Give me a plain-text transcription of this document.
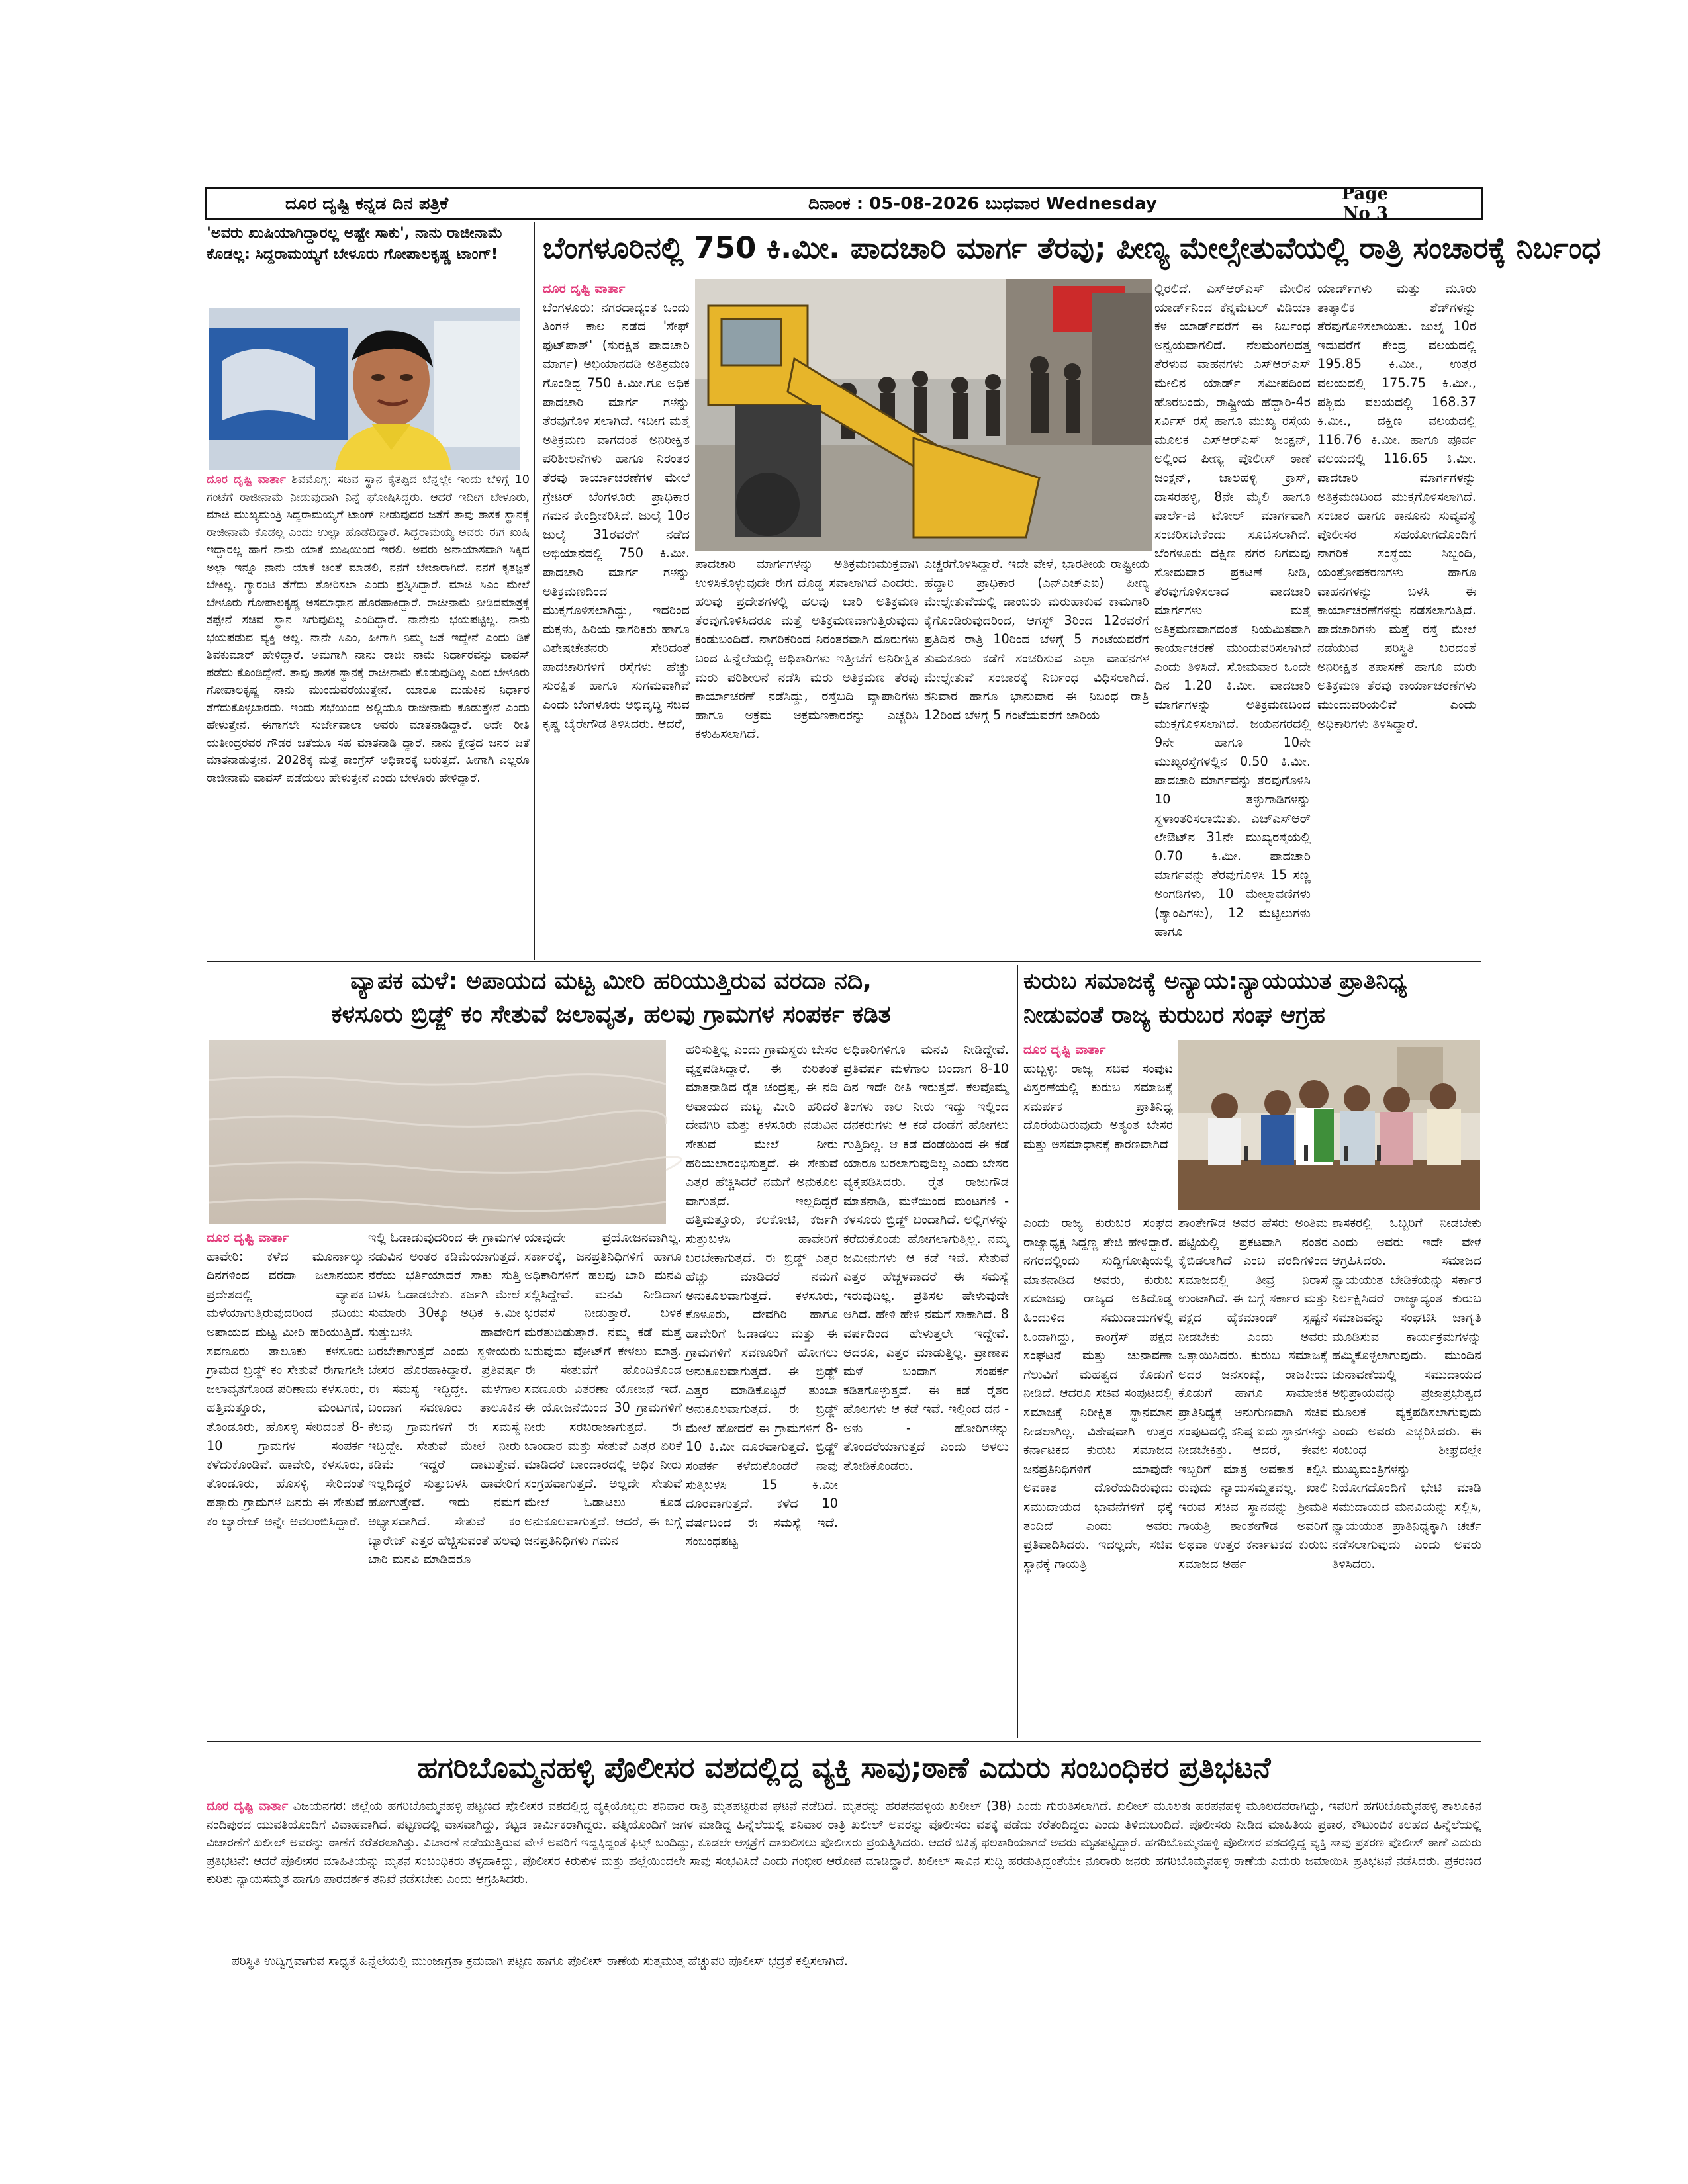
ದೂರ ದೃಷ್ಟಿ ಕನ್ನಡ ದಿನ ಪತ್ರಿಕೆ	ದಿನಾಂಕ : 05-08-2026 ಬುಧವಾರ Wednesday	Page No 3
'ಅವರು ಖುಷಿಯಾಗಿದ್ದಾರಲ್ಲ ಅಷ್ಟೇ ಸಾಕು', ನಾನು ರಾಜೀನಾಮೆ
ಕೊಡಲ್ಲ: ಸಿದ್ದರಾಮಯ್ಯಗೆ ಬೇಳೂರು ಗೋಪಾಲಕೃಷ್ಣ ಟಾಂಗ್!
ದೂರ ದೃಷ್ಟಿ ವಾರ್ತಾ ಶಿವಮೊಗ್ಗ: ಸಚಿವ ಸ್ಥಾನ ಕೈತಪ್ಪಿದ ಬೆನ್ನಲ್ಲೇ ಇಂದು ಬೆಳಿಗ್ಗೆ 10 ಗಂಟೆಗೆ ರಾಜೀನಾಮೆ ನೀಡುವುದಾಗಿ ನಿನ್ನೆ ಘೋಷಿಸಿದ್ದರು. ಆದರೆ ಇದೀಗ ಬೇಳೂರು, ಮಾಜಿ ಮುಖ್ಯಮಂತ್ರಿ ಸಿದ್ದರಾಮಯ್ಯಗೆ ಟಾಂಗ್ ನೀಡುವುದರ ಜತೆಗೆ ತಾವು ಶಾಸಕ ಸ್ಥಾನಕ್ಕೆ ರಾಜೀನಾಮೆ ಕೊಡಲ್ಲ ಎಂದು ಉಲ್ಟಾ ಹೊಡೆದಿದ್ದಾರೆ. ಸಿದ್ದರಾಮಯ್ಯ ಅವರು ಈಗ ಖುಷಿ ಇದ್ದಾರಲ್ಲ ಹಾಗೆ ನಾನು ಯಾಕೆ ಖುಷಿಯಿಂದ ಇರಲಿ. ಅವರು ಅನಾಯಾಸವಾಗಿ ಸಿಕ್ಕಿದ ಅಲ್ಲಾ ಇನ್ನೂ ನಾನು ಯಾಕೆ ಚಿಂತೆ ಮಾಡಲಿ, ನನಗೆ ಬೇಜಾರಾಗಿದೆ. ನನಗೆ ಕೃತಜ್ಞತೆ ಬೇಕಿಲ್ಲ. ಗ್ಯಾರಂಟಿ ತೆಗೆದು ತೋರಿಸಲಾ ಎಂದು ಪ್ರಶ್ನಿಸಿದ್ದಾರೆ. ಮಾಜಿ ಸಿಎಂ ಮೇಲೆ ಬೇಳೂರು ಗೋಪಾಲಕೃಷ್ಣ ಅಸಮಾಧಾನ ಹೊರಹಾಕಿದ್ದಾರೆ. ರಾಜೀನಾಮೆ ನೀಡಿದಮಾತ್ರಕ್ಕೆ ತಪ್ಪೇನೆ ಸಚಿವ ಸ್ಥಾನ ಸಿಗುವುದಿಲ್ಲ ಎಂದಿದ್ದಾರೆ. ನಾನೇನು ಭಯಪಟ್ಟಿಲ್ಲ. ನಾನು ಭಯಪಡುವ ವ್ಯಕ್ತಿ ಅಲ್ಲ. ನಾನೇ ಸಿಎಂ, ಹೀಗಾಗಿ ನಿಮ್ಮ ಜತೆ ಇದ್ದೇನೆ ಎಂದು ಡಿಕೆ ಶಿವಕುಮಾರ್ ಹೇಳಿದ್ದಾರೆ. ಅಮಗಾಗಿ ನಾನು ರಾಜೀ ನಾಮೆ ನಿರ್ಧಾರವನ್ನು ವಾಪಸ್ ಪಡೆದು ಕೊಂಡಿದ್ದೇನೆ. ತಾವು ಶಾಸಕ ಸ್ಥಾನಕ್ಕೆ ರಾಜೀನಾಮೆ ಕೊಡುವುದಿಲ್ಲ ಎಂದ ಬೇಳೂರು ಗೋಪಾಲಕೃಷ್ಣ ನಾನು ಮುಂದುವರೆಯುತ್ತೇನೆ. ಯಾರೂ ದುಡುಕಿನ ನಿರ್ಧಾರ ತೆಗೆದುಕೊಳ್ಳಬಾರದು. ಇಂದು ಸಭೆಯಿಂದ ಅಲ್ಲಿಯೂ ರಾಜೀನಾಮೆ ಕೊಡುತ್ತೇನೆ ಎಂದು ಹೇಳುತ್ತೇನೆ. ಈಗಾಗಲೇ ಸುರ್ಜೇವಾಲಾ ಅವರು ಮಾತನಾಡಿದ್ದಾರೆ. ಅದೇ ರೀತಿ ಯತೀಂದ್ರರವರ ಗೌಡರ ಜತೆಯೂ ಸಹ ಮಾತನಾಡಿ ದ್ದಾರೆ. ನಾನು ಕ್ಷೇತ್ರದ ಜನರ ಜತೆ ಮಾತನಾಡುತ್ತೇನೆ. 2028ಕ್ಕೆ ಮತ್ತೆ ಕಾಂಗ್ರೆಸ್ ಅಧಿಕಾರಕ್ಕೆ ಬರುತ್ತದೆ. ಹೀಗಾಗಿ ಎಲ್ಲರೂ ರಾಜೀನಾಮೆ ವಾಪಸ್ ಪಡೆಯಲು ಹೇಳುತ್ತೇನೆ ಎಂದು ಬೇಳೂರು ಹೇಳಿದ್ದಾರೆ.
ಬೆಂಗಳೂರಿನಲ್ಲಿ 750 ಕಿ.ಮೀ. ಪಾದಚಾರಿ ಮಾರ್ಗ ತೆರವು; ಪೀಣ್ಯ ಮೇಲ್ಸೇತುವೆಯಲ್ಲಿ ರಾತ್ರಿ ಸಂಚಾರಕ್ಕೆ ನಿರ್ಬಂಧ
ದೂರ ದೃಷ್ಟಿ ವಾರ್ತಾ
ಬೆಂಗಳೂರು: ನಗರದಾದ್ಯಂತ ಒಂದು ತಿಂಗಳ ಕಾಲ ನಡೆದ 'ಸೇಫ್ ಫುಟ್‌ಪಾತ್' (ಸುರಕ್ಷಿತ ಪಾದಚಾರಿ ಮಾರ್ಗ) ಅಭಿಯಾನದಡಿ ಅತಿಕ್ರಮಣ ಗೊಂಡಿದ್ದ 750 ಕಿ.ಮೀ.ಗೂ ಅಧಿಕ ಪಾದಚಾರಿ ಮಾರ್ಗ ಗಳನ್ನು ತೆರವುಗೊಳಿ ಸಲಾಗಿದೆ. ಇದೀಗ ಮತ್ತೆ ಅತಿಕ್ರಮಣ ವಾಗದಂತೆ ಅನಿರೀಕ್ಷಿತ ಪರಿಶೀಲನೆಗಳು ಹಾಗೂ ನಿರಂತರ ತೆರವು ಕಾರ್ಯಾಚರಣೆಗಳ ಮೇಲೆ ಗ್ರೇಟರ್ ಬೆಂಗಳೂರು ಪ್ರಾಧಿಕಾರ ಗಮನ ಕೇಂದ್ರೀಕರಿಸಿದೆ. ಜುಲೈ 10ರ ಜುಲೈ 31ರವರೆಗೆ ನಡೆದ ಅಭಿಯಾನದಲ್ಲಿ 750 ಕಿ.ಮೀ. ಪಾದಚಾರಿ ಮಾರ್ಗ ಗಳನ್ನು ಅತಿಕ್ರಮಣದಿಂದ ಮುಕ್ತಗೊಳಿಸಲಾಗಿದ್ದು, ಇದರಿಂದ ಮಕ್ಕಳು, ಹಿರಿಯ ನಾಗರಿಕರು ಹಾಗೂ ವಿಶೇಷಚೇತನರು ಸೇರಿದಂತೆ ಪಾದಚಾರಿಗಳಿಗೆ ರಸ್ತೆಗಳು ಹೆಚ್ಚು ಸುರಕ್ಷಿತ ಹಾಗೂ ಸುಗಮವಾಗಿವೆ ಎಂದು ಬೆಂಗಳೂರು ಅಭಿವೃದ್ಧಿ ಸಚಿವ ಕೃಷ್ಣ ಬೈರೇಗೌಡ ತಿಳಿಸಿದರು. ಆದರೆ,
ಪಾದಚಾರಿ ಮಾರ್ಗಗಳನ್ನು ಅತಿಕ್ರಮಣಮುಕ್ತವಾಗಿ ಉಳಿಸಿಕೊಳ್ಳುವುದೇ ಈಗ ದೊಡ್ಡ ಸವಾಲಾಗಿದೆ ಎಂದರು. ಹಲವು ಪ್ರದೇಶಗಳಲ್ಲಿ ಹಲವು ಬಾರಿ ಅತಿಕ್ರಮಣ ತೆರವುಗೊಳಿಸಿದರೂ ಮತ್ತೆ ಅತಿಕ್ರಮಣವಾಗುತ್ತಿರುವುದು ಕಂಡುಬಂದಿದೆ. ನಾಗರಿಕರಿಂದ ನಿರಂತರವಾಗಿ ದೂರುಗಳು ಬಂದ ಹಿನ್ನೆಲೆಯಲ್ಲಿ ಅಧಿಕಾರಿಗಳು ಇತ್ತೀಚೆಗೆ ಅನಿರೀಕ್ಷಿತ ಮರು ಪರಿಶೀಲನೆ ನಡೆಸಿ ಮರು ಅತಿಕ್ರಮಣ ತೆರವು ಕಾರ್ಯಾಚರಣೆ ನಡೆಸಿದ್ದು, ರಸ್ತೆಬದಿ ವ್ಯಾಪಾರಿಗಳು ಹಾಗೂ ಅಕ್ರಮ ಅಕ್ರಮಣಕಾರರನ್ನು ಎಚ್ಚರಿಸಿ ಕಳುಹಿಸಲಾಗಿದೆ.
ಎಚ್ಚರಗೊಳಿಸಿದ್ದಾರೆ. ಇದೇ ವೇಳೆ, ಭಾರತೀಯ ರಾಷ್ಟ್ರೀಯ ಹೆದ್ದಾರಿ ಪ್ರಾಧಿಕಾರ (ಎನ್‌ಎಚ್‌ಎಐ) ಪೀಣ್ಯ ಮೇಲ್ಸೇತುವೆಯಲ್ಲಿ ಡಾಂಬರು ಮರುಹಾಕುವ ಕಾಮಗಾರಿ ಕೈಗೊಂಡಿರುವುದರಿಂದ, ಆಗಸ್ಟ್ 3ರಿಂದ 12ರವರೆಗೆ ಪ್ರತಿದಿನ ರಾತ್ರಿ 10ರಿಂದ ಬೆಳಗ್ಗೆ 5 ಗಂಟೆಯವರೆಗೆ ತುಮಕೂರು ಕಡೆಗೆ ಸಂಚರಿಸುವ ಎಲ್ಲಾ ವಾಹನಗಳ ಮೇಲ್ಸೇತುವೆ ಸಂಚಾರಕ್ಕೆ ನಿರ್ಬಂಧ ವಿಧಿಸಲಾಗಿದೆ. ಶನಿವಾರ ಹಾಗೂ ಭಾನುವಾರ ಈ ನಿಬಂಧ ರಾತ್ರಿ 12ರಿಂದ ಬೆಳಗ್ಗೆ 5 ಗಂಟೆಯವರೆಗೆ ಜಾರಿಯ
ಲ್ಲಿರಲಿದೆ. ಎಸ್‌ಆರ್‌ಎಸ್ ಮೇಲಿನ ಯಾರ್ಡ್‌ನಿಂದ ಕೆನ್ನಮೆಟಲ್ ವಿಡಿಯಾ ಕಳ ಯಾರ್ಡ್‌ವರೆಗೆ ಈ ನಿರ್ಬಂಧ ಅನ್ವಯವಾಗಲಿದೆ. ನೆಲಮಂಗಲದತ್ತ ತೆರಳುವ ವಾಹನಗಳು ಎಸ್‌ಆರ್‌ಎಸ್ ಮೇಲಿನ ಯಾರ್ಡ್ ಸಮೀಪದಿಂದ ಹೊರಬಂದು, ರಾಷ್ಟ್ರೀಯ ಹೆದ್ದಾರಿ-4ರ ಸರ್ವಿಸ್ ರಸ್ತೆ ಹಾಗೂ ಮುಖ್ಯ ರಸ್ತೆಯ ಮೂಲಕ ಎಸ್‌ಆರ್‌ಎಸ್ ಜಂಕ್ಷನ್, ಅಲ್ಲಿಂದ ಪೀಣ್ಯ ಪೊಲೀಸ್ ಠಾಣೆ ಜಂಕ್ಷನ್, ಜಾಲಹಳ್ಳಿ ಕ್ರಾಸ್, ದಾಸರಹಳ್ಳಿ, 8ನೇ ಮೈಲಿ ಹಾಗೂ ಪಾರ್ಲೆ-ಜಿ ಟೋಲ್ ಮಾರ್ಗವಾಗಿ ಸಂಚರಿಸಬೇಕೆಂದು ಸೂಚಿಸಲಾಗಿದೆ. ಬೆಂಗಳೂರು ದಕ್ಷಿಣ ನಗರ ನಿಗಮವು ಸೋಮವಾರ ಪ್ರಕಟಣೆ ನೀಡಿ, ತೆರವುಗೊಳಿಸಲಾದ ಪಾದಚಾರಿ ಮಾರ್ಗಗಳು ಮತ್ತೆ ಅತಿಕ್ರಮಣವಾಗದಂತೆ ನಿಯಮಿತವಾಗಿ ಕಾರ್ಯಾಚರಣೆ ಮುಂದುವರಿಸಲಾಗಿದೆ ಎಂದು ತಿಳಿಸಿದೆ. ಸೋಮವಾರ ಒಂದೇ ದಿನ 1.20 ಕಿ.ಮೀ. ಪಾದಚಾರಿ ಮಾರ್ಗಗಳನ್ನು ಅತಿಕ್ರಮಣದಿಂದ ಮುಕ್ತಗೊಳಿಸಲಾಗಿದೆ. ಜಯನಗರದಲ್ಲಿ 9ನೇ ಹಾಗೂ 10ನೇ ಮುಖ್ಯರಸ್ತೆಗಳಲ್ಲಿನ 0.50 ಕಿ.ಮೀ. ಪಾದಚಾರಿ ಮಾರ್ಗವನ್ನು ತೆರವುಗೊಳಿಸಿ 10 ತಳ್ಳುಗಾಡಿಗಳನ್ನು ಸ್ಥಳಾಂತರಿಸಲಾಯಿತು. ಎಚ್‌ಎಸ್‌ಆರ್ ಲೇಔಟ್‌ನ 31ನೇ ಮುಖ್ಯರಸ್ತೆಯಲ್ಲಿ 0.70 ಕಿ.ಮೀ. ಪಾದಚಾರಿ ಮಾರ್ಗವನ್ನು ತೆರವುಗೊಳಿಸಿ 15 ಸಣ್ಣ ಅಂಗಡಿಗಳು, 10 ಮೇಲ್ಛಾವಣಿಗಳು (ಶ್ಯಾಂಪಿಗಳು), 12 ಮೆಟ್ಟಿಲುಗಳು ಹಾಗೂ
ಯಾರ್ಡ್‌ಗಳು ಮತ್ತು ಮೂರು ತಾತ್ಕಾಲಿಕ ಶೆಡ್‌ಗಳನ್ನು ತೆರವುಗೊಳಿಸಲಾಯಿತು. ಜುಲೈ 10ರ ಇದುವರೆಗೆ ಕೇಂದ್ರ ವಲಯದಲ್ಲಿ 195.85 ಕಿ.ಮೀ., ಉತ್ತರ ವಲಯದಲ್ಲಿ 175.75 ಕಿ.ಮೀ., ಪಶ್ಚಿಮ ವಲಯದಲ್ಲಿ 168.37 ಕಿ.ಮೀ., ದಕ್ಷಿಣ ವಲಯದಲ್ಲಿ 116.76 ಕಿ.ಮೀ. ಹಾಗೂ ಪೂರ್ವ ವಲಯದಲ್ಲಿ 116.65 ಕಿ.ಮೀ. ಪಾದಚಾರಿ ಮಾರ್ಗಗಳನ್ನು ಅತಿಕ್ರಮಣದಿಂದ ಮುಕ್ತಗೊಳಿಸಲಾಗಿದೆ. ಸಂಚಾರ ಹಾಗೂ ಕಾನೂನು ಸುವ್ಯವಸ್ಥೆ ಪೊಲೀಸರ ಸಹಯೋಗದೊಂದಿಗೆ ನಾಗರಿಕ ಸಂಸ್ಥೆಯ ಸಿಬ್ಬಂದಿ, ಯಂತ್ರೋಪಕರಣಗಳು ಹಾಗೂ ವಾಹನಗಳನ್ನು ಬಳಸಿ ಈ ಕಾರ್ಯಾಚರಣೆಗಳನ್ನು ನಡೆಸಲಾಗುತ್ತಿದೆ. ಪಾದಚಾರಿಗಳು ಮತ್ತೆ ರಸ್ತೆ ಮೇಲೆ ನಡೆಯುವ ಪರಿಸ್ಥಿತಿ ಬರದಂತೆ ಅನಿರೀಕ್ಷಿತ ತಪಾಸಣೆ ಹಾಗೂ ಮರು ಅತಿಕ್ರಮಣ ತೆರವು ಕಾರ್ಯಾಚರಣೆಗಳು ಮುಂದುವರಿಯಲಿವೆ ಎಂದು ಅಧಿಕಾರಿಗಳು ತಿಳಿಸಿದ್ದಾರೆ.
ವ್ಯಾಪಕ ಮಳೆ: ಅಪಾಯದ ಮಟ್ಟ ಮೀರಿ ಹರಿಯುತ್ತಿರುವ ವರದಾ ನದಿ,
ಕಳಸೂರು ಬ್ರಿಡ್ಜ್ ಕಂ ಸೇತುವೆ ಜಲಾವೃತ, ಹಲವು ಗ್ರಾಮಗಳ ಸಂಪರ್ಕ ಕಡಿತ
ದೂರ ದೃಷ್ಟಿ ವಾರ್ತಾ
ಹಾವೇರಿ: ಕಳೆದ ಮೂರ್ನಾಲ್ಕು ದಿನಗಳಿಂದ ವರದಾ ಜಲಾನಯನ ಪ್ರದೇಶದಲ್ಲಿ ವ್ಯಾಪಕ ಮಳೆಯಾಗುತ್ತಿರುವುದರಿಂದ ನದಿಯು ಅಪಾಯದ ಮಟ್ಟ ಮೀರಿ ಹರಿಯುತ್ತಿದೆ. ಸವಣೂರು ತಾಲೂಕು ಕಳಸೂರು ಗ್ರಾಮದ ಬ್ರಿಡ್ಜ್ ಕಂ ಸೇತುವೆ ಈಗಾಗಲೇ ಜಲಾವೃತಗೊಂಡ ಪರಿಣಾಮ ಕಳಸೂರು, ಹತ್ತಿಮತ್ತೂರು, ಮಂಟಗಣಿ, ತೊಂಡೂರು, ಹೊಸಳ್ಳಿ ಸೇರಿದಂತೆ 8-10 ಗ್ರಾಮಗಳ ಸಂಪರ್ಕ ಕಳೆದುಕೊಂಡಿವೆ. ಹಾವೇರಿ, ಕಳಸೂರು, ತೊಂಡೂರು, ಹೊಸಳ್ಳಿ ಸೇರಿದಂತೆ ಹತ್ತಾರು ಗ್ರಾಮಗಳ ಜನರು ಈ ಸೇತುವೆ ಕಂ ಬ್ಯಾರೇಜ್ ಅನ್ನೇ ಅವಲಂಬಿಸಿದ್ದಾರೆ.
ಇಲ್ಲಿ ಓಡಾಡುವುದರಿಂದ ಈ ಗ್ರಾಮಗಳ ನಡುವಿನ ಅಂತರ ಕಡಿಮೆಯಾಗುತ್ತದೆ. ನೆರೆಯ ಭರ್ತಿಯಾದರೆ ಸಾಕು ಸುತ್ತಿ ಬಳಸಿ ಓಡಾಡಬೇಕು. ಕರ್ಜಗಿ ಮೇಲೆ ಸುಮಾರು 30ಕ್ಕೂ ಅಧಿಕ ಕಿ.ಮೀ ಸುತ್ತುಬಳಸಿ ಹಾವೇರಿಗೆ ಬರಬೇಕಾಗುತ್ತದೆ ಎಂದು ಸ್ಥಳೀಯರು ಬೇಸರ ಹೊರಹಾಕಿದ್ದಾರೆ. ಪ್ರತಿವರ್ಷ ಈ ಸಮಸ್ಯೆ ಇದ್ದಿದ್ದೇ. ಮಳೆಗಾಲ ಬಂದಾಗ ಸವಣೂರು ತಾಲೂಕಿನ ಕೆಲವು ಗ್ರಾಮಗಳಿಗೆ ಈ ಸಮಸ್ಯೆ ಇದ್ದಿದ್ದೇ. ಸೇತುವೆ ಮೇಲೆ ನೀರು ಕಡಿಮೆ ಇದ್ದರೆ ದಾಟುತ್ತೇವೆ. ಇಲ್ಲದಿದ್ದರೆ ಸುತ್ತುಬಳಸಿ ಹಾವೇರಿಗೆ ಹೋಗುತ್ತೇವೆ. ಇದು ನಮಗೆ ಅಭ್ಯಾಸವಾಗಿದೆ. ಸೇತುವೆ ಕಂ ಬ್ಯಾರೇಜ್ ಎತ್ತರ ಹೆಚ್ಚಿಸುವಂತೆ ಹಲವು ಬಾರಿ ಮನವಿ ಮಾಡಿದರೂ
ಯಾವುದೇ ಪ್ರಯೋಜನವಾಗಿಲ್ಲ. ಸರ್ಕಾರಕ್ಕೆ, ಜನಪ್ರತಿನಿಧಿಗಳಿಗೆ ಹಾಗೂ ಅಧಿಕಾರಿಗಳಿಗೆ ಹಲವು ಬಾರಿ ಮನವಿ ಸಲ್ಲಿಸಿದ್ದೇವೆ. ಮನವಿ ನೀಡಿದಾಗ ಭರವಸೆ ನೀಡುತ್ತಾರೆ. ಬಳಿಕ ಮರೆತುಬಿಡುತ್ತಾರೆ. ನಮ್ಮ ಕಡೆ ಮತ್ತೆ ಬರುವುದು ವೋಟ್‌ಗೆ ಕೇಳಲು ಮಾತ್ರ. ಈ ಸೇತುವೆಗೆ ಹೊಂದಿಕೊಂಡ ಸವಣೂರು ವಿತರಣಾ ಯೋಜನೆ ಇದೆ. ಈ ಯೋಜನೆಯಿಂದ 30 ಗ್ರಾಮಗಳಿಗೆ ನೀರು ಸರಬರಾಜಾಗುತ್ತದೆ. ಈ ಬಾಂದಾರ ಮತ್ತು ಸೇತುವೆ ಎತ್ತರ ಏರಿಕೆ ಮಾಡಿದರೆ ಬಾಂದಾರದಲ್ಲಿ ಅಧಿಕ ನೀರು ಸಂಗ್ರಹವಾಗುತ್ತದೆ. ಅಲ್ಲದೇ ಸೇತುವೆ ಮೇಲೆ ಓಡಾಟಲು ಕೂಡ ಅನುಕೂಲವಾಗುತ್ತದೆ. ಆದರೆ, ಈ ಬಗ್ಗೆ ಜನಪ್ರತಿನಿಧಿಗಳು ಗಮನ
ಹರಿಸುತ್ತಿಲ್ಲ ಎಂದು ಗ್ರಾಮಸ್ಥರು ಬೇಸರ ವ್ಯಕ್ತಪಡಿಸಿದ್ದಾರೆ. ಈ ಕುರಿತಂತೆ ಮಾತನಾಡಿದ ರೈತ ಚಂದ್ರಪ್ಪ, ಈ ನದಿ ಅಪಾಯದ ಮಟ್ಟ ಮೀರಿ ಹರಿದರೆ ದೇವಗಿರಿ ಮತ್ತು ಕಳಸೂರು ನಡುವಿನ ಸೇತುವೆ ಮೇಲೆ ನೀರು ಹರಿಯಲಾರಂಭಿಸುತ್ತದೆ. ಈ ಸೇತುವೆ ಎತ್ತರ ಹೆಚ್ಚಿಸಿದರೆ ನಮಗೆ ಅನುಕೂಲ ವಾಗುತ್ತದೆ. ಇಲ್ಲದಿದ್ದರೆ ಹತ್ತಿಮತ್ತೂರು, ಕಲಕೋಟಿ, ಕರ್ಜಗಿ ಸುತ್ತುಬಳಸಿ ಹಾವೇರಿಗೆ ಬರಬೇಕಾಗುತ್ತದೆ. ಈ ಬ್ರಿಡ್ಜ್ ಎತ್ತರ ಹೆಚ್ಚು ಮಾಡಿದರೆ ನಮಗೆ ಅನುಕೂಲವಾಗುತ್ತದೆ. ಕಳಸೂರು, ಕೊಳೂರು, ದೇವಗಿರಿ ಹಾಗೂ ಹಾವೇರಿಗೆ ಓಡಾಡಲು ಮತ್ತು ಈ ಗ್ರಾಮಗಳಿಗೆ ಸವಣೂರಿಗೆ ಹೋಗಲು ಅನುಕೂಲವಾಗುತ್ತದೆ. ಈ ಬ್ರಿಡ್ಜ್ ಎತ್ತರ ಮಾಡಿಕೊಟ್ಟರೆ ತುಂಬಾ ಅನುಕೂಲವಾಗುತ್ತದೆ. ಈ ಬ್ರಿಡ್ಜ್ ಮೇಲೆ ಹೋದರೆ ಈ ಗ್ರಾಮಗಳಿಗೆ 8-10 ಕಿ.ಮೀ ದೂರವಾಗುತ್ತದೆ. ಬ್ರಿಡ್ಜ್ ಸಂಪರ್ಕ ಕಳೆದುಕೊಂಡರೆ ನಾವು ಸುತ್ತಿಬಳಸಿ 15 ಕಿ.ಮೀ ದೂರವಾಗುತ್ತದೆ. ಕಳೆದ 10 ವರ್ಷದಿಂದ ಈ ಸಮಸ್ಯೆ ಇದೆ. ಸಂಬಂಧಪಟ್ಟ
ಅಧಿಕಾರಿಗಳಿಗೂ ಮನವಿ ನೀಡಿದ್ದೇವೆ. ಪ್ರತಿವರ್ಷ ಮಳೆಗಾಲ ಬಂದಾಗ 8-10 ದಿನ ಇದೇ ರೀತಿ ಇರುತ್ತದೆ. ಕೆಲವೊಮ್ಮೆ ತಿಂಗಳು ಕಾಲ ನೀರು ಇದ್ದು ಇಲ್ಲಿಂದ ದನಕರುಗಳು ಆ ಕಡೆ ದಂಡೆಗೆ ಹೋಗಲು ಗುತ್ತಿದಿಲ್ಲ. ಆ ಕಡೆ ದಂಡೆಯಿಂದ ಈ ಕಡೆ ಯಾರೂ ಬರಲಾಗುವುದಿಲ್ಲ ಎಂದು ಬೇಸರ ವ್ಯಕ್ತಪಡಿಸಿದರು. ರೈತ ರಾಜುಗೌಡ ಮಾತನಾಡಿ, ಮಳೆಯಿಂದ ಮಂಟಗಣಿ - ಕಳಸೂರು ಬ್ರಿಡ್ಜ್ ಬಂದಾಗಿದೆ. ಅಲ್ಲಿಗಳನ್ನು ಕರೆದುಕೊಂಡು ಹೋಗಲಾಗುತ್ತಿಲ್ಲ. ನಮ್ಮ ಜಮೀನುಗಳು ಆ ಕಡೆ ಇವೆ. ಸೇತುವೆ ಎತ್ತರ ಹೆಚ್ಚಳವಾದರೆ ಈ ಸಮಸ್ಯೆ ಇರುವುದಿಲ್ಲ. ಪ್ರತಿಸಲ ಹೇಳುವುದೇ ಆಗಿದೆ. ಹೇಳಿ ಹೇಳಿ ನಮಗೆ ಸಾಕಾಗಿದೆ. 8 ವರ್ಷದಿಂದ ಹೇಳುತ್ತಲೇ ಇದ್ದೇವೆ. ಆದರೂ, ಎತ್ತರ ಮಾಡುತ್ತಿಲ್ಲ. ಪ್ರಾಣಾಪ ಮಳೆ ಬಂದಾಗ ಸಂಪರ್ಕ ಕಡಿತಗೊಳ್ಳುತ್ತದೆ. ಈ ಕಡೆ ರೈತರ ಹೊಲಗಳು ಆ ಕಡೆ ಇವೆ. ಇಲ್ಲಿಂದ ದನ - ಅಳು - ಹೋರಿಗಳನ್ನು ತೊಂದರೆಯಾಗುತ್ತದೆ ಎಂದು ಅಳಲು ತೋಡಿಕೊಂಡರು.
ಕುರುಬ ಸಮಾಜಕ್ಕೆ ಅನ್ಯಾಯ:ನ್ಯಾಯಯುತ ಪ್ರಾತಿನಿಧ್ಯ
ನೀಡುವಂತೆ ರಾಜ್ಯ ಕುರುಬರ ಸಂಘ ಆಗ್ರಹ
ದೂರ ದೃಷ್ಟಿ ವಾರ್ತಾ
ಹುಬ್ಬಳ್ಳಿ: ರಾಜ್ಯ ಸಚಿವ ಸಂಪುಟ ವಿಸ್ತರಣೆಯಲ್ಲಿ ಕುರುಬ ಸಮಾಜಕ್ಕೆ ಸಮರ್ಪಕ ಪ್ರಾತಿನಿಧ್ಯ ದೊರೆಯದಿರುವುದು ಅತ್ಯಂತ ಬೇಸರ ಮತ್ತು ಅಸಮಾಧಾನಕ್ಕೆ ಕಾರಣವಾಗಿದೆ
ಎಂದು ರಾಜ್ಯ ಕುರುಬರ ಸಂಘದ ರಾಜ್ಯಾಧ್ಯಕ್ಷ ಸಿದ್ದಣ್ಣ ತೇಜಿ ಹೇಳಿದ್ದಾರೆ. ನಗರದಲ್ಲಿಂದು ಸುದ್ದಿಗೋಷ್ಠಿಯಲ್ಲಿ ಮಾತನಾಡಿದ ಅವರು, ಕುರುಬ ಸಮಾಜವು ರಾಜ್ಯದ ಅತಿದೊಡ್ಡ ಹಿಂದುಳಿದ ಸಮುದಾಯಗಳಲ್ಲಿ ಒಂದಾಗಿದ್ದು, ಕಾಂಗ್ರೆಸ್ ಪಕ್ಷದ ಸಂಘಟನೆ ಮತ್ತು ಚುನಾವಣಾ ಗೆಲುವಿಗೆ ಮಹತ್ವದ ಕೊಡುಗೆ ನೀಡಿದೆ. ಆದರೂ ಸಚಿವ ಸಂಪುಟದಲ್ಲಿ ಸಮಾಜಕ್ಕೆ ನಿರೀಕ್ಷಿತ ಸ್ಥಾನಮಾನ ನೀಡಲಾಗಿಲ್ಲ. ವಿಶೇಷವಾಗಿ ಉತ್ತರ ಕರ್ನಾಟಕದ ಕುರುಬ ಸಮಾಜದ ಜನಪ್ರತಿನಿಧಿಗಳಿಗೆ ಯಾವುದೇ ಅವಕಾಶ ದೊರೆಯದಿರುವುದು ಸಮುದಾಯದ ಭಾವನೆಗಳಿಗೆ ಧಕ್ಕೆ ತಂದಿದೆ ಎಂದು ಅವರು ಪ್ರತಿಪಾದಿಸಿದರು. ಇದಲ್ಲದೇ, ಸಚಿವ ಸ್ಥಾನಕ್ಕೆ ಗಾಯತ್ರಿ
ಶಾಂತೇಗೌಡ ಅವರ ಹೆಸರು ಅಂತಿಮ ಪಟ್ಟಿಯಲ್ಲಿ ಪ್ರಕಟವಾಗಿ ನಂತರ ಕೈಬಿಡಲಾಗಿದೆ ಎಂಬ ವರದಿಗಳಿಂದ ಸಮಾಜದಲ್ಲಿ ತೀವ್ರ ನಿರಾಸೆ ಉಂಟಾಗಿದೆ. ಈ ಬಗ್ಗೆ ಸರ್ಕಾರ ಮತ್ತು ಪಕ್ಷದ ಹೈಕಮಾಂಡ್ ಸ್ಪಷ್ಟನೆ ನೀಡಬೇಕು ಎಂದು ಅವರು ಒತ್ತಾಯಿಸಿದರು. ಕುರುಬ ಸಮಾಜಕ್ಕೆ ಅದರ ಜನಸಂಖ್ಯೆ, ರಾಜಕೀಯ ಕೊಡುಗೆ ಹಾಗೂ ಸಾಮಾಜಿಕ ಪ್ರಾತಿನಿಧ್ಯಕ್ಕೆ ಅನುಗುಣವಾಗಿ ಸಚಿವ ಸಂಪುಟದಲ್ಲಿ ಕನಿಷ್ಠ ಐದು ಸ್ಥಾನಗಳನ್ನು ನೀಡಬೇಕಿತ್ತು. ಆದರೆ, ಕೇವಲ ಇಬ್ಬರಿಗೆ ಮಾತ್ರ ಅವಕಾಶ ಕಲ್ಪಿಸಿ ರುವುದು ನ್ಯಾಯಸಮ್ಮತವಲ್ಲ. ಖಾಲಿ ಇರುವ ಸಚಿವ ಸ್ಥಾನವನ್ನು ಶ್ರೀಮತಿ ಗಾಯತ್ರಿ ಶಾಂತೇಗೌಡ ಅವರಿಗೆ ಅಥವಾ ಉತ್ತರ ಕರ್ನಾಟಕದ ಕುರುಬ ಸಮಾಜದ ಅರ್ಹ
ಶಾಸಕರಲ್ಲಿ ಒಬ್ಬರಿಗೆ ನೀಡಬೇಕು ಎಂದು ಅವರು ಇದೇ ವೇಳೆ ಆಗ್ರಹಿಸಿದರು. ಸಮಾಜದ ನ್ಯಾಯಯುತ ಬೇಡಿಕೆಯನ್ನು ಸರ್ಕಾರ ನಿರ್ಲಕ್ಷಿಸಿದರೆ ರಾಜ್ಯಾದ್ಯಂತ ಕುರುಬ ಸಮಾಜವನ್ನು ಸಂಘಟಿಸಿ ಜಾಗೃತಿ ಮೂಡಿಸುವ ಕಾರ್ಯಕ್ರಮಗಳನ್ನು ಹಮ್ಮಿಕೊಳ್ಳಲಾಗುವುದು. ಮುಂದಿನ ಚುನಾವಣೆಯಲ್ಲಿ ಸಮುದಾಯದ ಅಭಿಪ್ರಾಯವನ್ನು ಪ್ರಜಾಪ್ರಭುತ್ವದ ಮೂಲಕ ವ್ಯಕ್ತಪಡಿಸಲಾಗುವುದು ಎಂದು ಅವರು ಎಚ್ಚರಿಸಿದರು. ಈ ಸಂಬಂಧ ಶೀಘ್ರದಲ್ಲೇ ಮುಖ್ಯಮಂತ್ರಿಗಳನ್ನು ನಿಯೋಗದೊಂದಿಗೆ ಭೇಟಿ ಮಾಡಿ ಸಮುದಾಯದ ಮನವಿಯನ್ನು ಸಲ್ಲಿಸಿ, ನ್ಯಾಯಯುತ ಪ್ರಾತಿನಿಧ್ಯಕ್ಕಾಗಿ ಚರ್ಚೆ ನಡೆಸಲಾಗುವುದು ಎಂದು ಅವರು ತಿಳಿಸಿದರು.
ಹಗರಿಬೊಮ್ಮನಹಳ್ಳಿ ಪೊಲೀಸರ ವಶದಲ್ಲಿದ್ದ ವ್ಯಕ್ತಿ ಸಾವು;ಠಾಣೆ ಎದುರು ಸಂಬಂಧಿಕರ ಪ್ರತಿಭಟನೆ
ದೂರ ದೃಷ್ಟಿ ವಾರ್ತಾ ವಿಜಯನಗರ: ಜಿಲ್ಲೆಯ ಹಗರಿಬೊಮ್ಮನಹಳ್ಳಿ ಪಟ್ಟಣದ ಪೊಲೀಸರ ವಶದಲ್ಲಿದ್ದ ವ್ಯಕ್ತಿಯೊಬ್ಬರು ಶನಿವಾರ ರಾತ್ರಿ ಮೃತಪಟ್ಟಿರುವ ಘಟನೆ ನಡೆದಿದೆ. ಮೃತರನ್ನು ಹರಪನಹಳ್ಳಿಯ ಖಲೀಲ್ (38) ಎಂದು ಗುರುತಿಸಲಾಗಿದೆ. ಖಲೀಲ್ ಮೂಲತಃ ಹರಪನಹಳ್ಳಿ ಮೂಲದವರಾಗಿದ್ದು, ಇವರಿಗೆ ಹಗರಿಬೊಮ್ಮನಹಳ್ಳಿ ತಾಲೂಕಿನ ನಂದಿಪುರದ ಯುವತಿಯೊಂದಿಗೆ ವಿವಾಹವಾಗಿದೆ. ಪಟ್ಟಣದಲ್ಲಿ ವಾಸವಾಗಿದ್ದು, ಕಟ್ಟಡ ಕಾರ್ಮಿಕರಾಗಿದ್ದರು. ಪತ್ನಿಯೊಂದಿಗೆ ಜಗಳ ಮಾಡಿದ್ದ ಹಿನ್ನೆಲೆಯಲ್ಲಿ ಶನಿವಾರ ರಾತ್ರಿ ಖಲೀಲ್ ಅವರನ್ನು ಪೊಲೀಸರು ವಶಕ್ಕೆ ಪಡೆದು ಕರೆತಂದಿದ್ದರು ಎಂದು ತಿಳಿದುಬಂದಿದೆ. ಪೊಲೀಸರು ನೀಡಿದ ಮಾಹಿತಿಯ ಪ್ರಕಾರ, ಕೌಟುಂಬಿಕ ಕಲಹದ ಹಿನ್ನೆಲೆಯಲ್ಲಿ ವಿಚಾರಣೆಗೆ ಖಲೀಲ್ ಅವರನ್ನು ಠಾಣೆಗೆ ಕರೆತರಲಾಗಿತ್ತು. ವಿಚಾರಣೆ ನಡೆಯುತ್ತಿರುವ ವೇಳೆ ಅವರಿಗೆ ಇದ್ದಕ್ಕಿದ್ದಂತೆ ಫಿಟ್ಸ್ ಬಂದಿದ್ದು, ಕೂಡಲೇ ಆಸ್ಪತ್ರೆಗೆ ದಾಖಲಿಸಲು ಪೊಲೀಸರು ಪ್ರಯತ್ನಿಸಿದರು. ಆದರೆ ಚಿಕಿತ್ಸೆ ಫಲಕಾರಿಯಾಗದೆ ಅವರು ಮೃತಪಟ್ಟಿದ್ದಾರೆ. ಹಗರಿಬೊಮ್ಮನಹಳ್ಳಿ ಪೊಲೀಸರ ವಶದಲ್ಲಿದ್ದ ವ್ಯಕ್ತಿ ಸಾವು ಪ್ರಕರಣ ಪೊಲೀಸ್ ಠಾಣೆ ಎದುರು ಪ್ರತಿಭಟನೆ: ಆದರೆ ಪೊಲೀಸರ ಮಾಹಿತಿಯನ್ನು ಮೃತನ ಸಂಬಂಧಿಕರು ತಳ್ಳಿಹಾಕಿದ್ದು, ಪೊಲೀಸರ ಕಿರುಕುಳ ಮತ್ತು ಹಲ್ಲೆಯಿಂದಲೇ ಸಾವು ಸಂಭವಿಸಿದೆ ಎಂದು ಗಂಭೀರ ಆರೋಪ ಮಾಡಿದ್ದಾರೆ. ಖಲೀಲ್ ಸಾವಿನ ಸುದ್ದಿ ಹರಡುತ್ತಿದ್ದಂತೆಯೇ ನೂರಾರು ಜನರು ಹಗರಿಬೊಮ್ಮನಹಳ್ಳಿ ಠಾಣೆಯ ಎದುರು ಜಮಾಯಿಸಿ ಪ್ರತಿಭಟನೆ ನಡೆಸಿದರು. ಪ್ರಕರಣದ ಕುರಿತು ನ್ಯಾಯಸಮ್ಮತ ಹಾಗೂ ಪಾರದರ್ಶಕ ತನಿಖೆ ನಡೆಸಬೇಕು ಎಂದು ಆಗ್ರಹಿಸಿದರು.
ಪರಿಸ್ಥಿತಿ ಉದ್ವಿಗ್ನವಾಗುವ ಸಾಧ್ಯತೆ ಹಿನ್ನೆಲೆಯಲ್ಲಿ ಮುಂಜಾಗ್ರತಾ ಕ್ರಮವಾಗಿ ಪಟ್ಟಣ ಹಾಗೂ ಪೊಲೀಸ್ ಠಾಣೆಯ ಸುತ್ತಮುತ್ತ ಹೆಚ್ಚುವರಿ ಪೊಲೀಸ್ ಭದ್ರತೆ ಕಲ್ಪಿಸಲಾಗಿದೆ.
